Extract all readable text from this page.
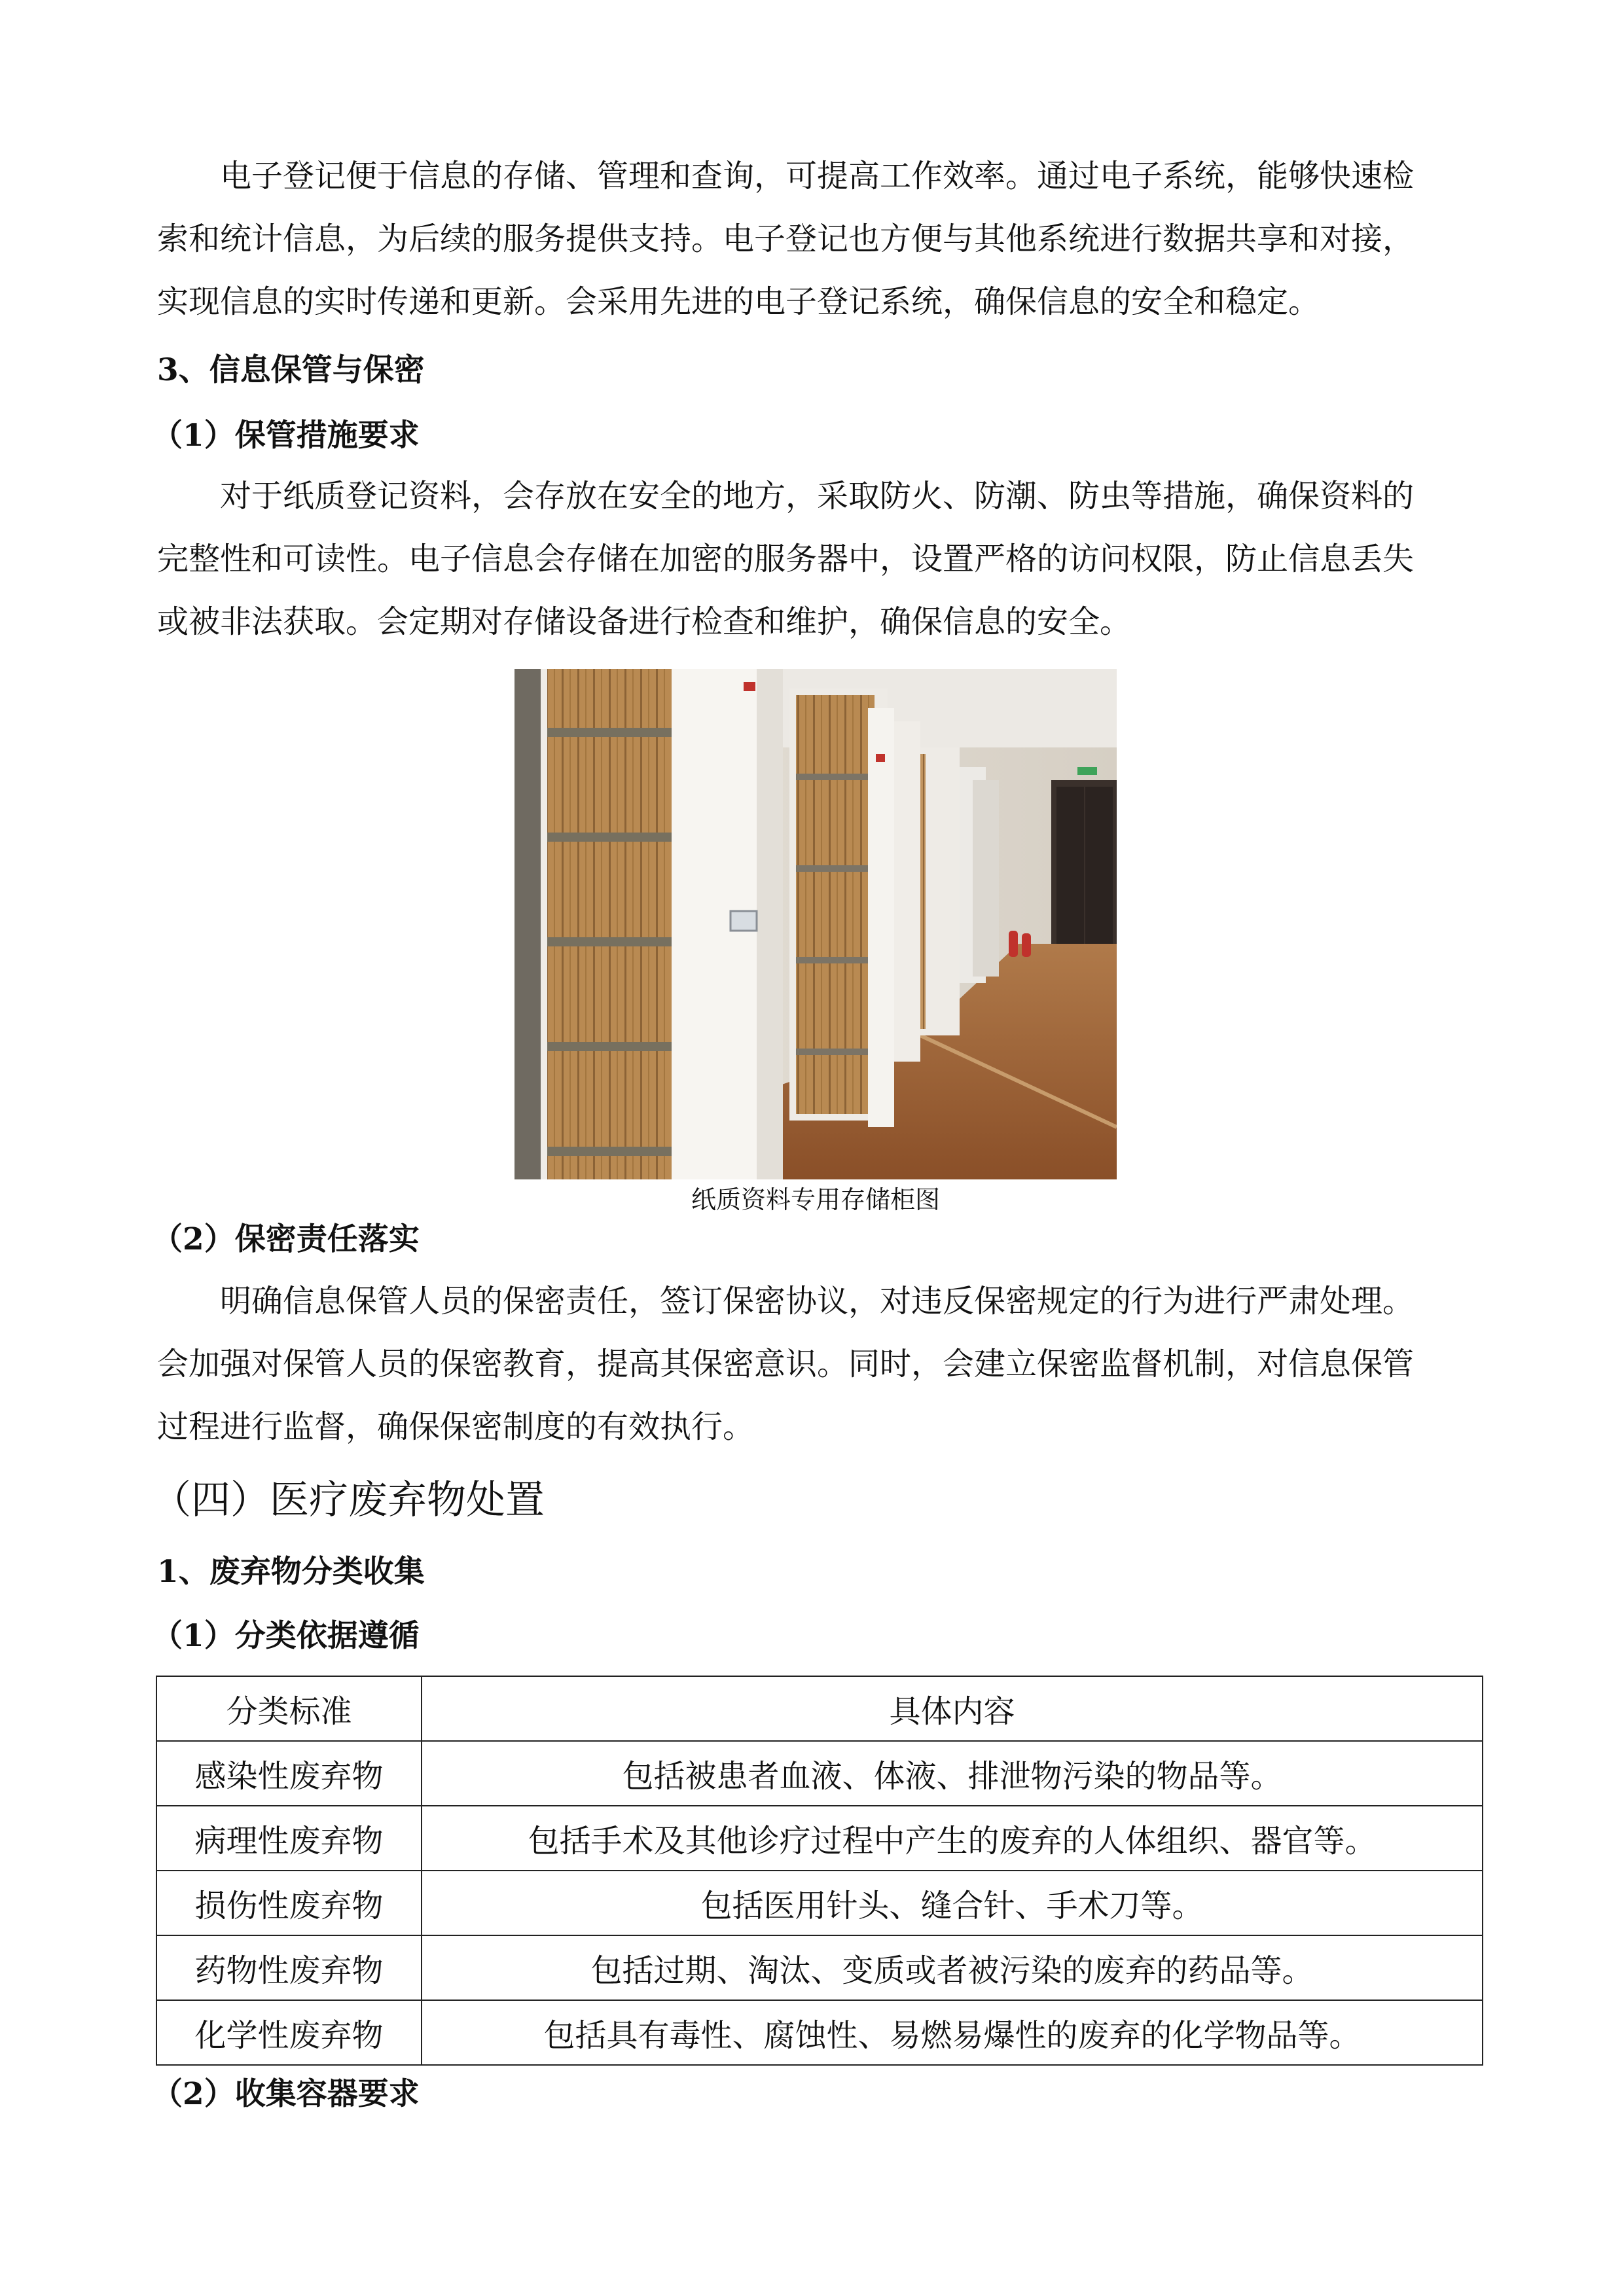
电子登记便于信息的存储、管理和查询，可提高工作效率。通过电子系统，能够快速检
索和统计信息，为后续的服务提供支持。电子登记也方便与其他系统进行数据共享和对接，
实现信息的实时传递和更新。会采用先进的电子登记系统，确保信息的安全和稳定。

3、信息保管与保密
（1）保管措施要求

对于纸质登记资料，会存放在安全的地方，采取防火、防潮、防虫等措施，确保资料的
完整性和可读性。电子信息会存储在加密的服务器中，设置严格的访问权限，防止信息丢失
或被非法获取。会定期对存储设备进行检查和维护，确保信息的安全。

纸质资料专用存储柜图

（2）保密责任落实

明确信息保管人员的保密责任，签订保密协议，对违反保密规定的行为进行严肃处理。
会加强对保管人员的保密教育，提高其保密意识。同时，会建立保密监督机制，对信息保管
过程进行监督，确保保密制度的有效执行。

（四）医疗废弃物处置
1、废弃物分类收集
（1）分类依据遵循
分类标准	具体内容
感染性废弃物	包括被患者血液、体液、排泄物污染的物品等。
病理性废弃物	包括手术及其他诊疗过程中产生的废弃的人体组织、器官等。
损伤性废弃物	包括医用针头、缝合针、手术刀等。
药物性废弃物	包括过期、淘汰、变质或者被污染的废弃的药品等。
化学性废弃物	包括具有毒性、腐蚀性、易燃易爆性的废弃的化学物品等。
（2）收集容器要求
